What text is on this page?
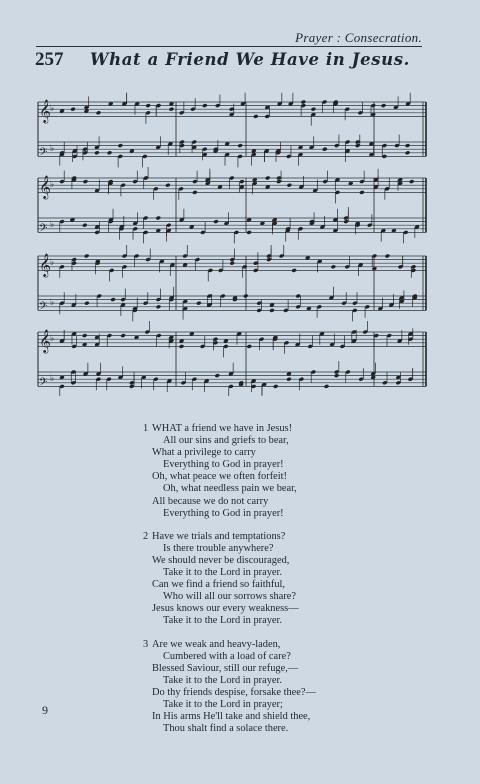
Prayer : Consecration.
257 What a Friend We Have in Jesus.
𝄞 ♭
𝄢 ♭
𝄞 ♭
𝄢 ♭
𝄞 ♭
𝄢 ♭
𝄞 ♭
𝄢 ♭
1 WHAT a friend we have in Jesus!
All our sins and griefs to bear,
What a privilege to carry
Everything to God in prayer!
Oh, what peace we often forfeit!
Oh, what needless pain we bear,
All because we do not carry
Everything to God in prayer!
2 Have we trials and temptations?
Is there trouble anywhere?
We should never be discouraged,
Take it to the Lord in prayer.
Can we find a friend so faithful,
Who will all our sorrows share?
Jesus knows our every weakness—
Take it to the Lord in prayer.
3 Are we weak and heavy-laden,
Cumbered with a load of care?
Blessed Saviour, still our refuge,—
Take it to the Lord in prayer.
Do thy friends despise, forsake thee?—
Take it to the Lord in prayer;
In His arms He'll take and shield thee,
Thou shalt find a solace there.
9
